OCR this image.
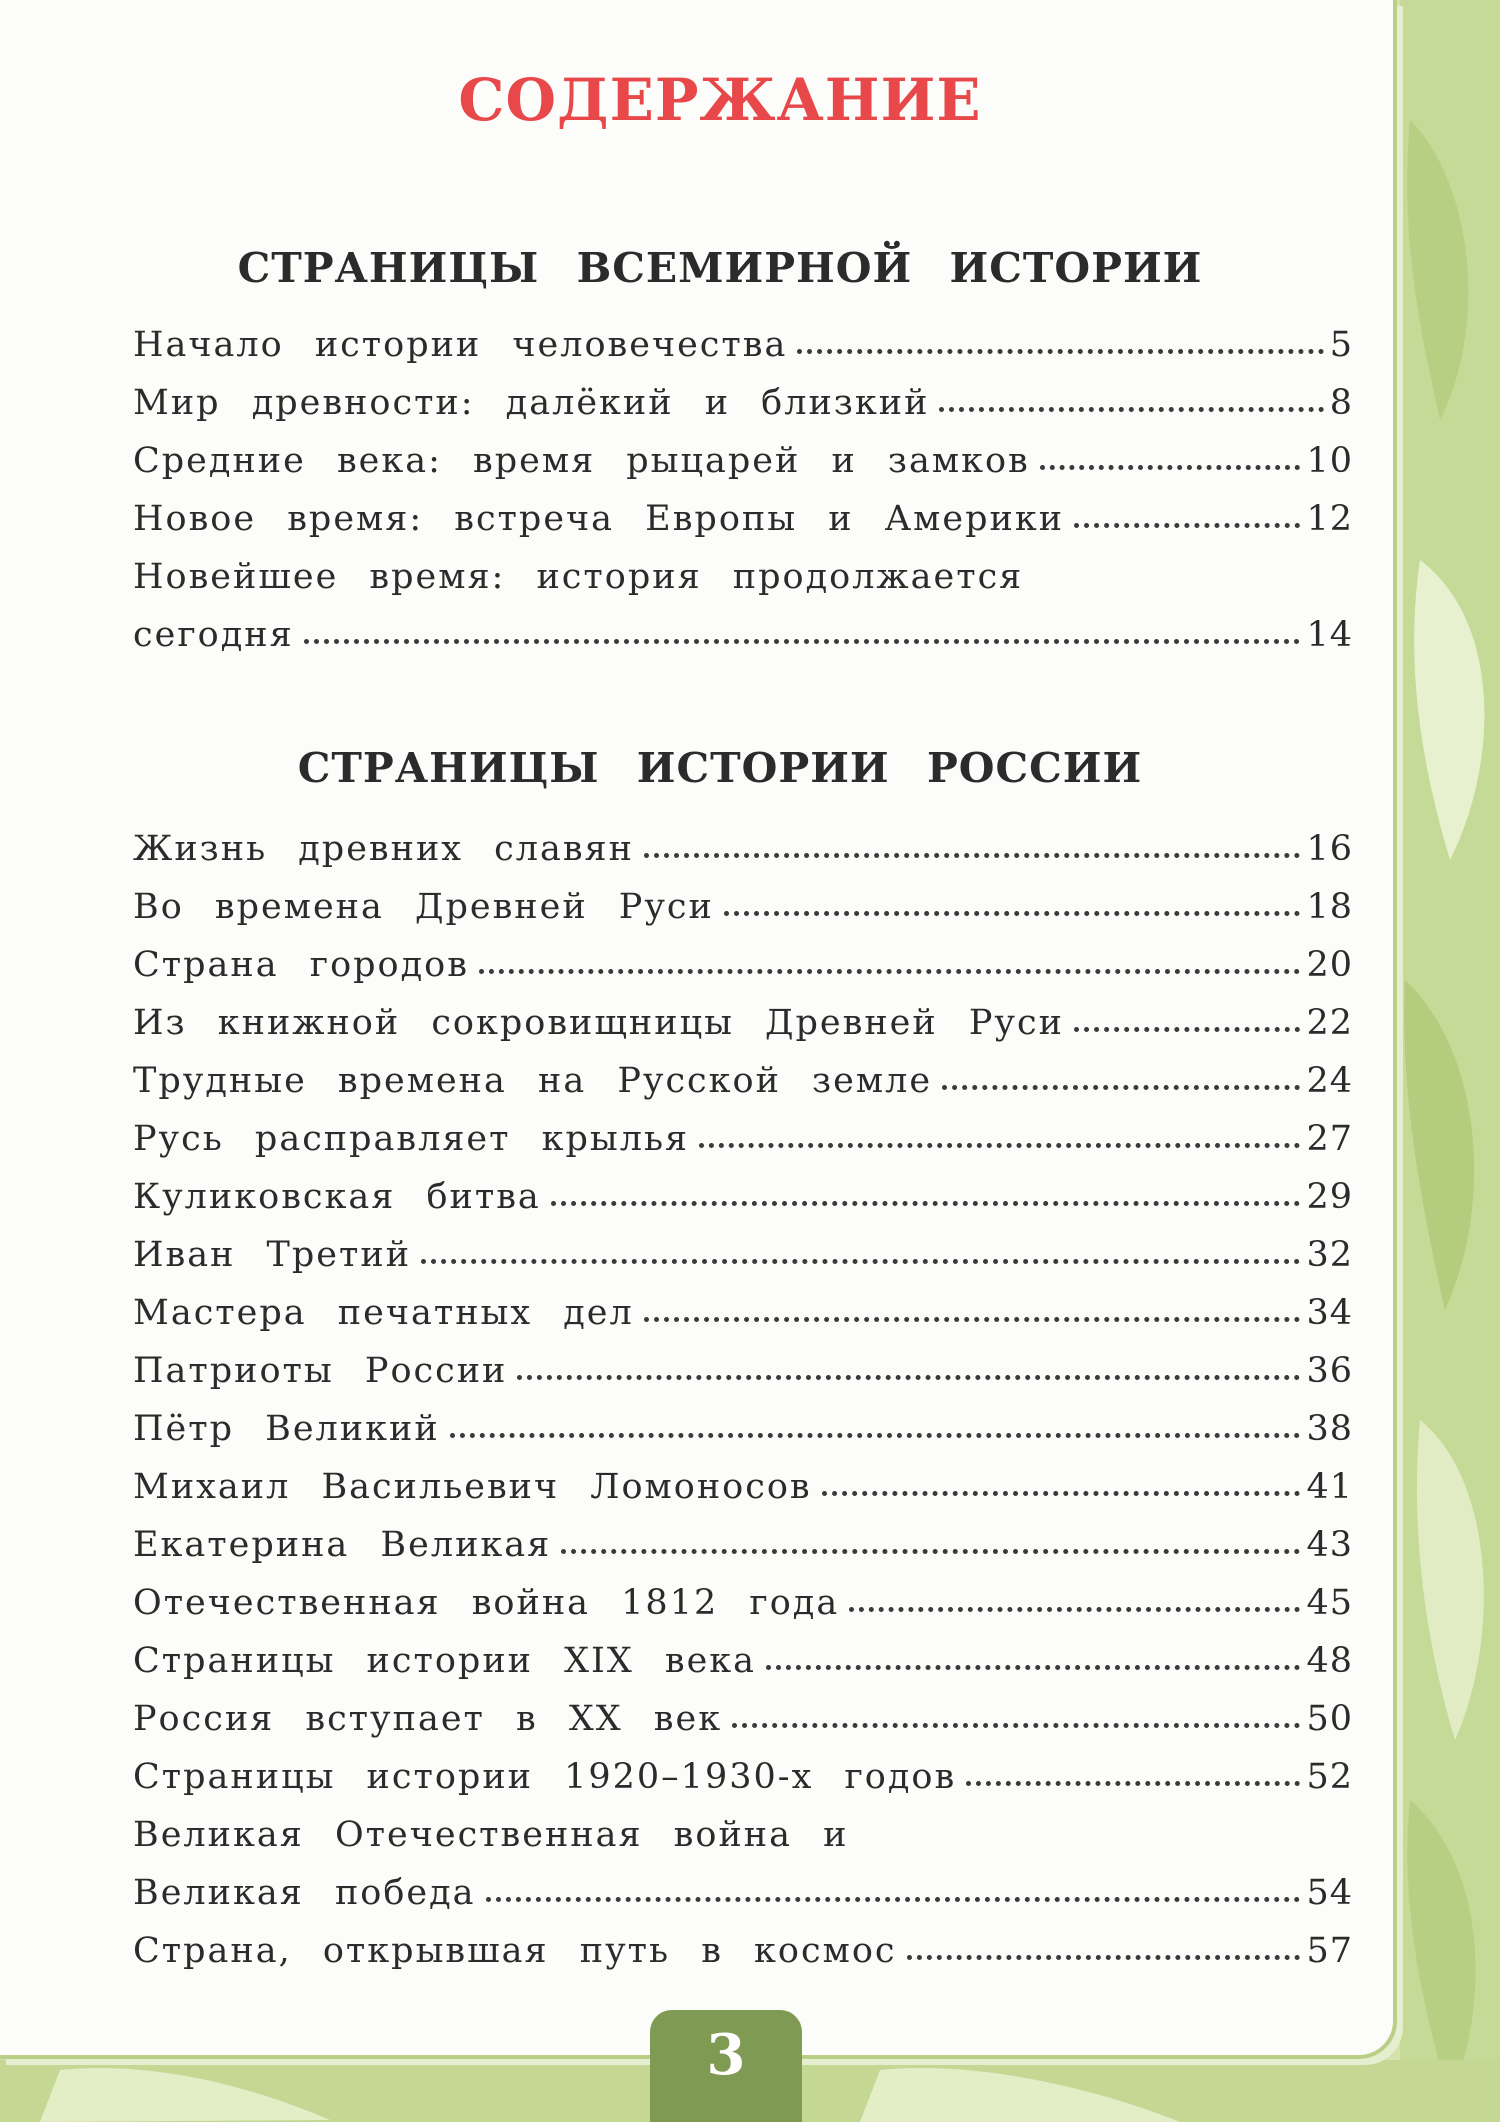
СОДЕРЖАНИЕ
СТРАНИЦЫ ВСЕМИРНОЙ ИСТОРИИ
Начало истории человечества	5
Мир древности: далёкий и близкий	8
Средние века: время рыцарей и замков	10
Новое время: встреча Европы и Америки	12
Новейшее время: история продолжается
сегодня	14
СТРАНИЦЫ ИСТОРИИ РОССИИ
Жизнь древних славян	16
Во времена Древней Руси	18
Страна городов	20
Из книжной сокровищницы Древней Руси	22
Трудные времена на Русской земле	24
Русь расправляет крылья	27
Куликовская битва	29
Иван Третий	32
Мастера печатных дел	34
Патриоты России	36
Пётр Великий	38
Михаил Васильевич Ломоносов	41
Екатерина Великая	43
Отечественная война 1812 года	45
Страницы истории XIX века	48
Россия вступает в XX век	50
Страницы истории 1920–1930-х годов	52
Великая Отечественная война и
Великая победа	54
Страна, открывшая путь в космос	57
3
